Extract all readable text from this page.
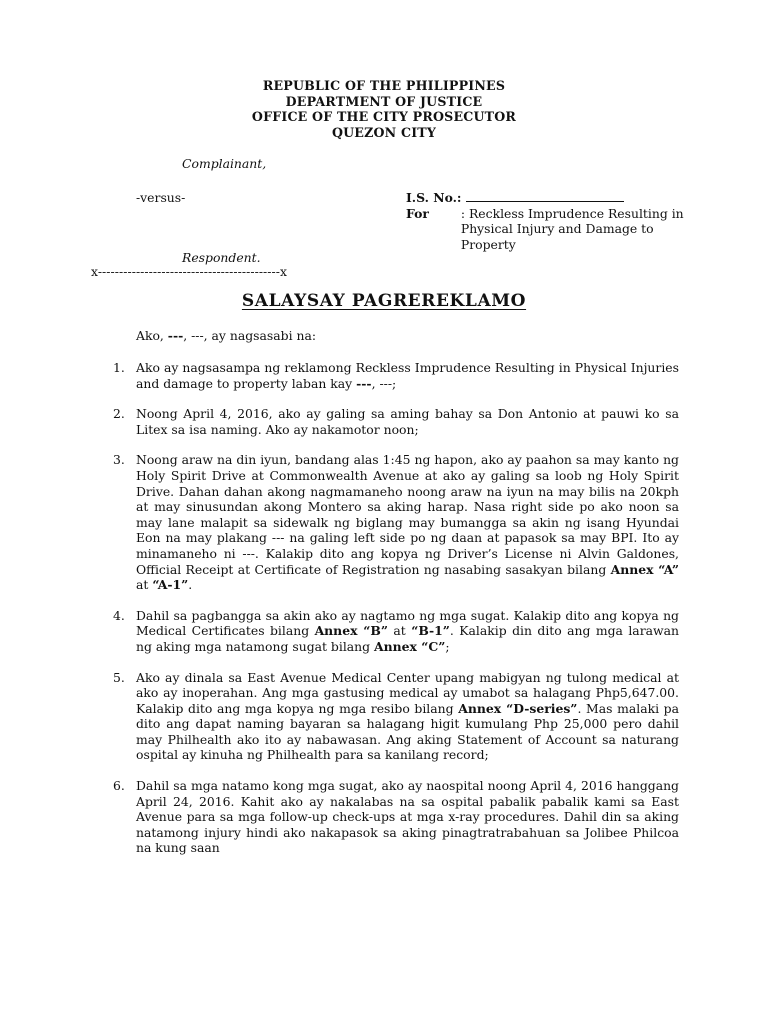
REPUBLIC OF THE PHILIPPINES
DEPARTMENT OF JUSTICE
OFFICE OF THE CITY PROSECUTOR
QUEZON CITY
Complainant,
-versus-
Respondent.
x-------------------------------------------x
I.S. No.:
For	: Reckless Imprudence Resulting in Physical Injury and Damage to Property
SALAYSAY PAGREREKLAMO
Ako, ---, ---, ay nagsasabi na:
1. Ako ay nagsasampa ng reklamong Reckless Imprudence Resulting in Physical Injuries and damage to property laban kay ---, ---;
2. Noong April 4, 2016, ako ay galing sa aming bahay sa Don Antonio at pauwi ko sa Litex sa isa naming. Ako ay nakamotor noon;
3. Noong araw na din iyun, bandang alas 1:45 ng hapon, ako ay paahon sa may kanto ng Holy Spirit Drive at Commonwealth Avenue at ako ay galing sa loob ng Holy Spirit Drive. Dahan dahan akong nagmamaneho noong araw na iyun na may bilis na 20kph at may sinusundan akong Montero sa aking harap. Nasa right side po ako noon sa may lane malapit sa sidewalk ng biglang may bumangga sa akin ng isang Hyundai Eon na may plakang --- na galing left side po ng daan at papasok sa may BPI. Ito ay minamaneho ni ---. Kalakip dito ang kopya ng Driver’s License ni Alvin Galdones, Official Receipt at Certificate of Registration ng nasabing sasakyan bilang Annex “A” at “A-1”.
4. Dahil sa pagbangga sa akin ako ay nagtamo ng mga sugat. Kalakip dito ang kopya ng Medical Certificates bilang Annex “B” at “B-1”. Kalakip din dito ang mga larawan ng aking mga natamong sugat bilang Annex “C”;
5. Ako ay dinala sa East Avenue Medical Center upang mabigyan ng tulong medical at ako ay inoperahan. Ang mga gastusing medical ay umabot sa halagang Php5,647.00. Kalakip dito ang mga kopya ng mga resibo bilang Annex “D-series”. Mas malaki pa dito ang dapat naming bayaran sa halagang higit kumulang Php 25,000 pero dahil may Philhealth ako ito ay nabawasan. Ang aking Statement of Account sa naturang ospital ay kinuha ng Philhealth para sa kanilang record;
6. Dahil sa mga natamo kong mga sugat, ako ay naospital noong April 4, 2016 hanggang April 24, 2016. Kahit ako ay nakalabas na sa ospital pabalik pabalik kami sa East Avenue para sa mga follow-up check-ups at mga x-ray procedures. Dahil din sa aking natamong injury hindi ako nakapasok sa aking pinagtratrabahuan sa Jolibee Philcoa na kung saan
